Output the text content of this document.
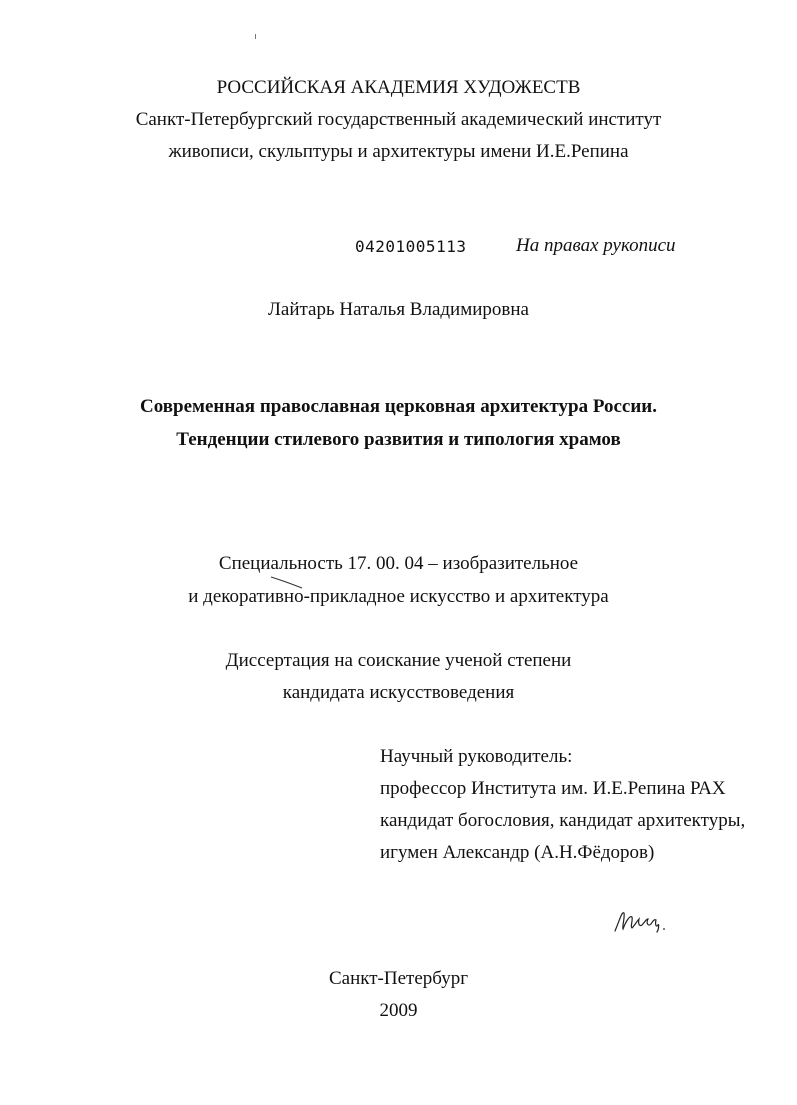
РОССИЙСКАЯ АКАДЕМИЯ ХУДОЖЕСТВ
Санкт-Петербургский государственный академический институт
живописи, скульптуры и архитектуры имени И.Е.Репина
04201005113	На правах рукописи
Лайтарь Наталья Владимировна
Современная православная церковная архитектура России.
Тенденции стилевого развития и типология храмов
Специальность 17. 00. 04 – изобразительное
и декоративно-прикладное искусство и архитектура
Диссертация на соискание ученой степени
кандидата искусствоведения
Научный руководитель:
профессор Института им. И.Е.Репина РАХ
кандидат богословия, кандидат архитектуры,
игумен Александр (А.Н.Фёдоров)
Санкт-Петербург
2009
